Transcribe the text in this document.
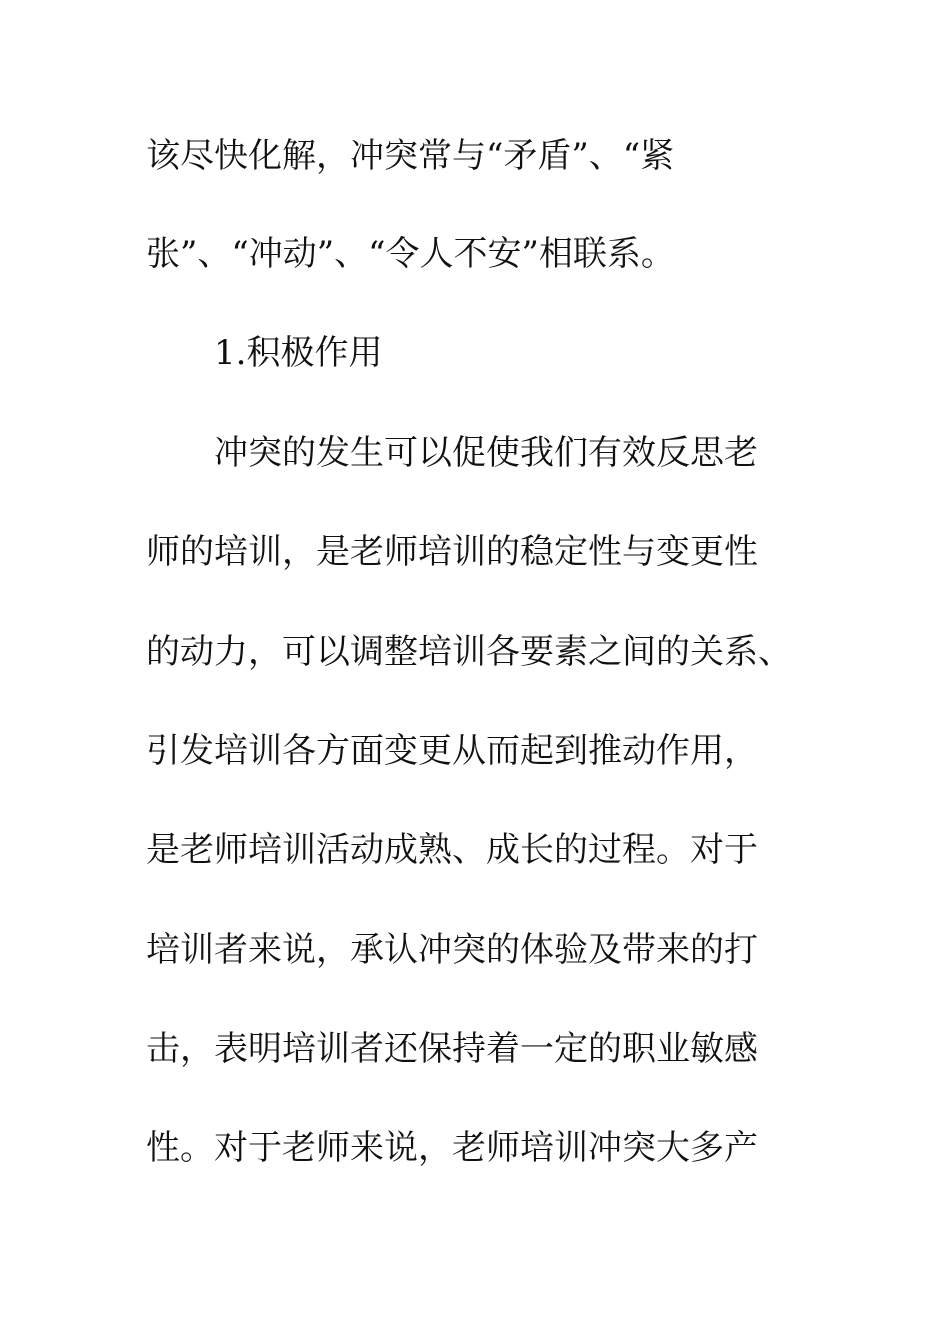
该尽快化解，冲突常与“矛盾”、“紧
张”、“冲动”、“令人不安”相联系。
1.积极作用
冲突的发生可以促使我们有效反思老
师的培训，是老师培训的稳定性与变更性
的动力，可以调整培训各要素之间的关系、
引发培训各方面变更从而起到推动作用，
是老师培训活动成熟、成长的过程。对于
培训者来说，承认冲突的体验及带来的打
击，表明培训者还保持着一定的职业敏感
性。对于老师来说，老师培训冲突大多产
